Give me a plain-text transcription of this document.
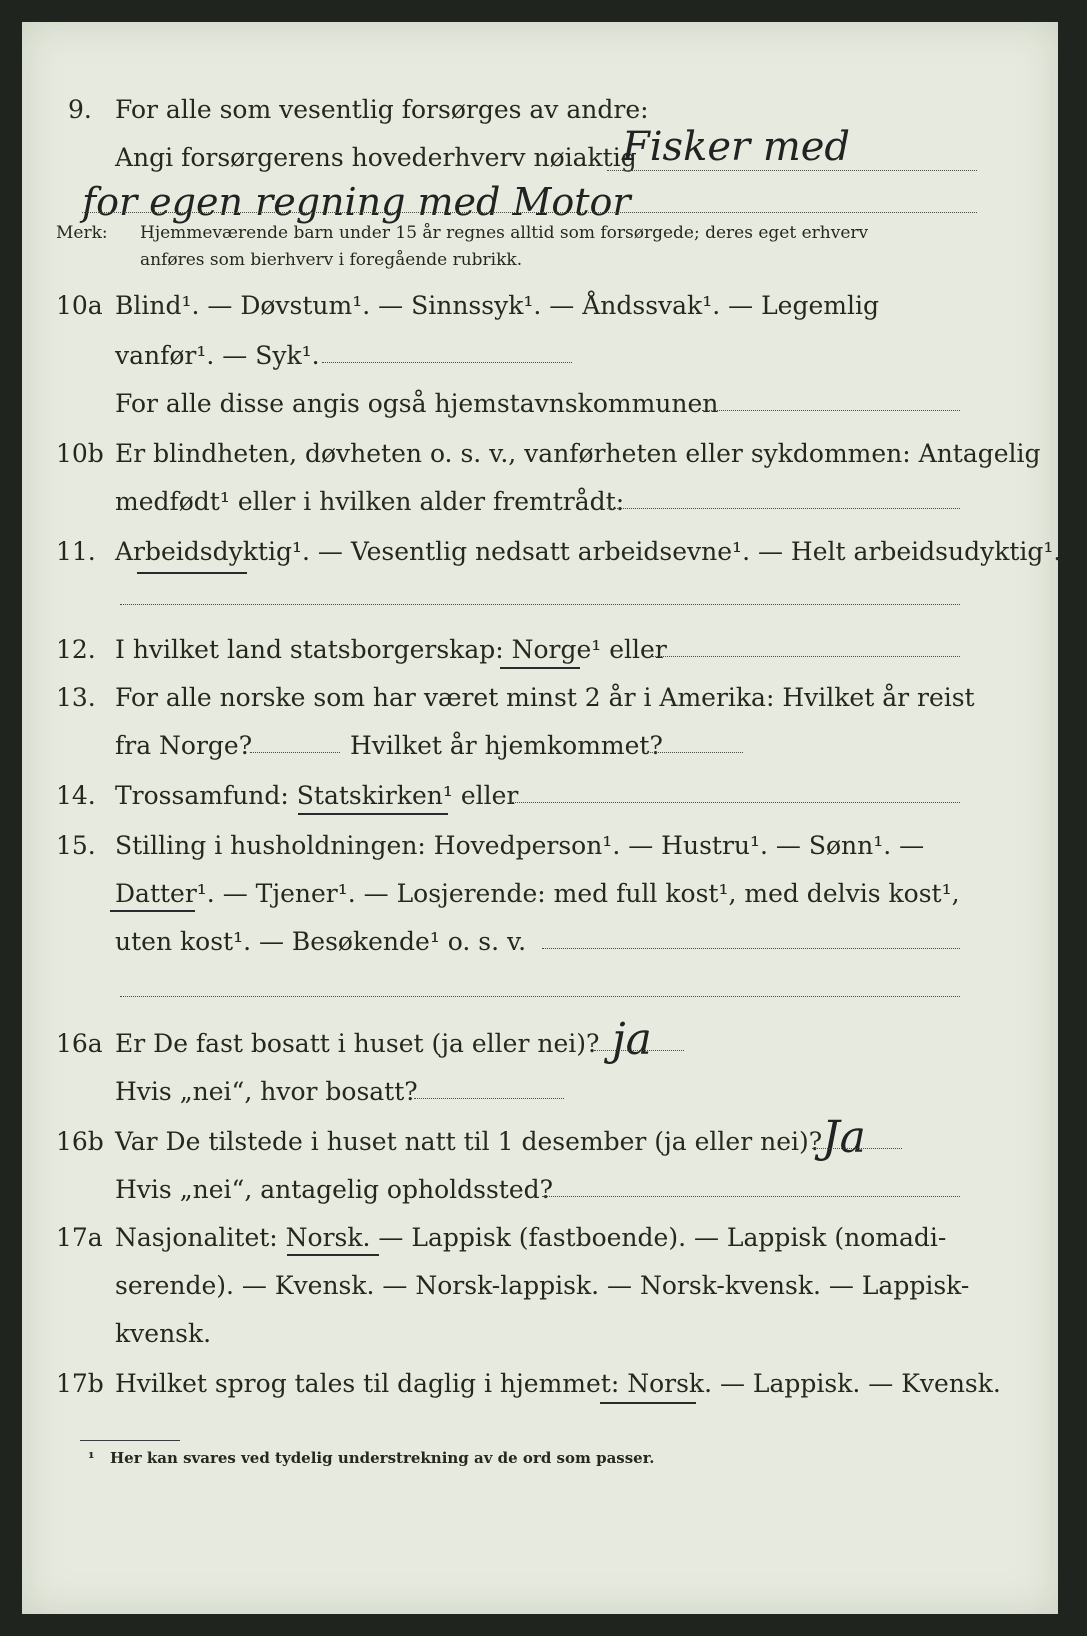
9. For alle som vesentlig forsørges av andre:
Angi forsørgerens hovederhverv nøiaktig
Fisker med
for egen regning med Motor
Merk: Hjemmeværende barn under 15 år regnes alltid som forsørgede; deres eget erhverv
anføres som bierhverv i foregående rubrikk.
10a Blind¹. — Døvstum¹. — Sinnssyk¹. — Åndssvak¹. — Legemlig
vanfør¹. — Syk¹.
For alle disse angis også hjemstavnskommunen
10b Er blindheten, døvheten o. s. v., vanførheten eller sykdommen: Antagelig
medfødt¹ eller i hvilken alder fremtrådt:
11. Arbeidsdyktig¹. — Vesentlig nedsatt arbeidsevne¹. — Helt arbeidsudyktig¹.
12. I hvilket land statsborgerskap: Norge¹ eller
13. For alle norske som har været minst 2 år i Amerika: Hvilket år reist
fra Norge?	Hvilket år hjemkommet?
14. Trossamfund: Statskirken¹ eller
15. Stilling i husholdningen: Hovedperson¹. — Hustru¹. — Sønn¹. —
Datter¹. — Tjener¹. — Losjerende: med full kost¹, med delvis kost¹,
uten kost¹. — Besøkende¹ o. s. v.
16a Er De fast bosatt i huset (ja eller nei)? ja
Hvis „nei“, hvor bosatt?
16b Var De tilstede i huset natt til 1 desember (ja eller nei)? Ja
Hvis „nei“, antagelig opholdssted?
17a Nasjonalitet: Norsk. — Lappisk (fastboende). — Lappisk (nomadi-
serende). — Kvensk. — Norsk-lappisk. — Norsk-kvensk. — Lappisk-
kvensk.
17b Hvilket sprog tales til daglig i hjemmet: Norsk. — Lappisk. — Kvensk.
¹ Her kan svares ved tydelig understrekning av de ord som passer.
